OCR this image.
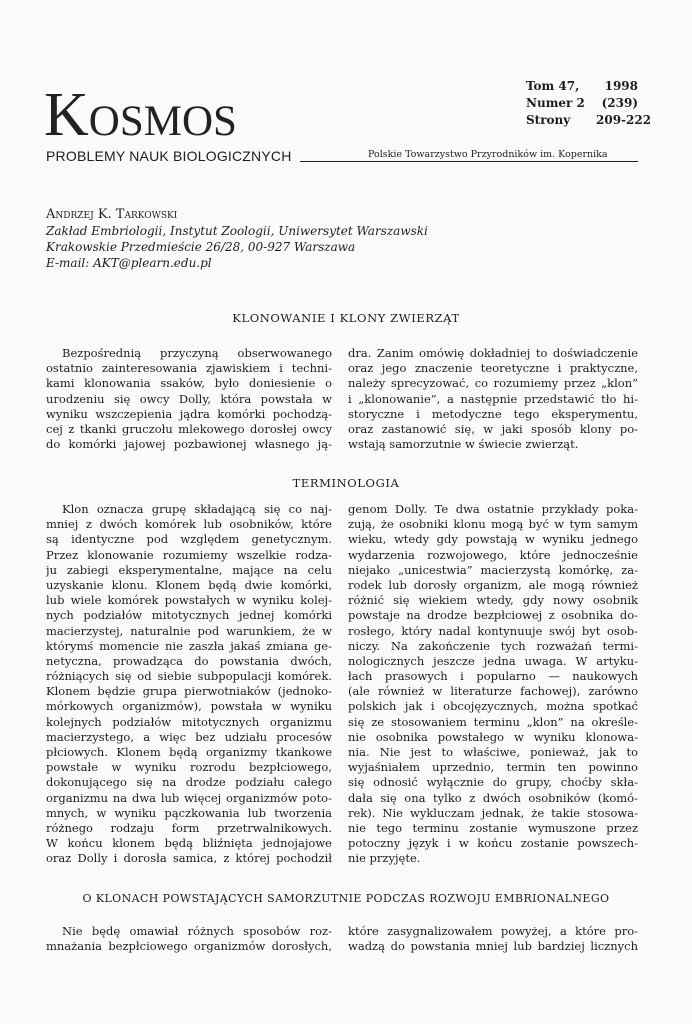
Kosmos
PROBLEMY NAUK BIOLOGICZNYCH	Polskie Towarzystwo Przyrodników im. Kopernika
Tom 47,
Numer 2
Strony
1998
(239)
209-222
Andrzej K. Tarkowski
Zakład Embriologii, Instytut Zoologii, Uniwersytet Warszawski
Krakowskie Przedmieście 26/28, 00-927 Warszawa
E-mail: AKT@plearn.edu.pl
KLONOWANIE I KLONY ZWIERZĄT
Bezpośrednią przyczyną obserwowanego
ostatnio zainteresowania zjawiskiem i techni-
kami klonowania ssaków, było doniesienie o
urodzeniu się owcy Dolly, która powstała w
wyniku wszczepienia jądra komórki pochodzą-
cej z tkanki gruczołu mlekowego dorosłej owcy
do komórki jajowej pozbawionej własnego ją-
dra. Zanim omówię dokładniej to doświadczenie
oraz jego znaczenie teoretyczne i praktyczne,
należy sprecyzować, co rozumiemy przez „klon”
i „klonowanie”, a następnie przedstawić tło hi-
storyczne i metodyczne tego eksperymentu,
oraz zastanowić się, w jaki sposób klony po-
wstają samorzutnie w świecie zwierząt.
TERMINOLOGIA
Klon oznacza grupę składającą się co naj-
mniej z dwóch komórek lub osobników, które
są identyczne pod względem genetycznym.
Przez klonowanie rozumiemy wszelkie rodza-
ju zabiegi eksperymentalne, mające na celu
uzyskanie klonu. Klonem będą dwie komórki,
lub wiele komórek powstałych w wyniku kolej-
nych podziałów mitotycznych jednej komórki
macierzystej, naturalnie pod warunkiem, że w
którymś momencie nie zaszła jakaś zmiana ge-
netyczna, prowadząca do powstania dwóch,
różniących się od siebie subpopulacji komórek.
Klonem będzie grupa pierwotniaków (jednoko-
mórkowych organizmów), powstała w wyniku
kolejnych podziałów mitotycznych organizmu
macierzystego, a więc bez udziału procesów
płciowych. Klonem będą organizmy tkankowe
powstałe w wyniku rozrodu bezpłciowego,
dokonującego się na drodze podziału całego
organizmu na dwa lub więcej organizmów poto-
mnych, w wyniku pączkowania lub tworzenia
różnego rodzaju form przetrwalnikowych.
W końcu klonem będą bliźnięta jednojajowe
oraz Dolly i dorosła samica, z której pochodził
genom Dolly. Te dwa ostatnie przykłady poka-
zują, że osobniki klonu mogą być w tym samym
wieku, wtedy gdy powstają w wyniku jednego
wydarzenia rozwojowego, które jednocześnie
niejako „unicestwia” macierzystą komórkę, za-
rodek lub dorosły organizm, ale mogą również
różnić się wiekiem wtedy, gdy nowy osobnik
powstaje na drodze bezpłciowej z osobnika do-
rosłego, który nadal kontynuuje swój byt osob-
niczy. Na zakończenie tych rozważań termi-
nologicznych jeszcze jedna uwaga. W artyku-
łach prasowych i popularno — naukowych
(ale również w literaturze fachowej), zarówno
polskich jak i obcojęzycznych, można spotkać
się ze stosowaniem terminu „klon” na określe-
nie osobnika powstałego w wyniku klonowa-
nia. Nie jest to właściwe, ponieważ, jak to
wyjaśniałem uprzednio, termin ten powinno
się odnosić wyłącznie do grupy, choćby skła-
dała się ona tylko z dwóch osobników (komó-
rek). Nie wykluczam jednak, że takie stosowa-
nie tego terminu zostanie wymuszone przez
potoczny język i w końcu zostanie powszech-
nie przyjęte.
O KLONACH POWSTAJĄCYCH SAMORZUTNIE PODCZAS ROZWOJU EMBRIONALNEGO
Nie będę omawiał różnych sposobów roz-
mnażania bezpłciowego organizmów dorosłych,
które zasygnalizowałem powyżej, a które pro-
wadzą do powstania mniej lub bardziej licznych
